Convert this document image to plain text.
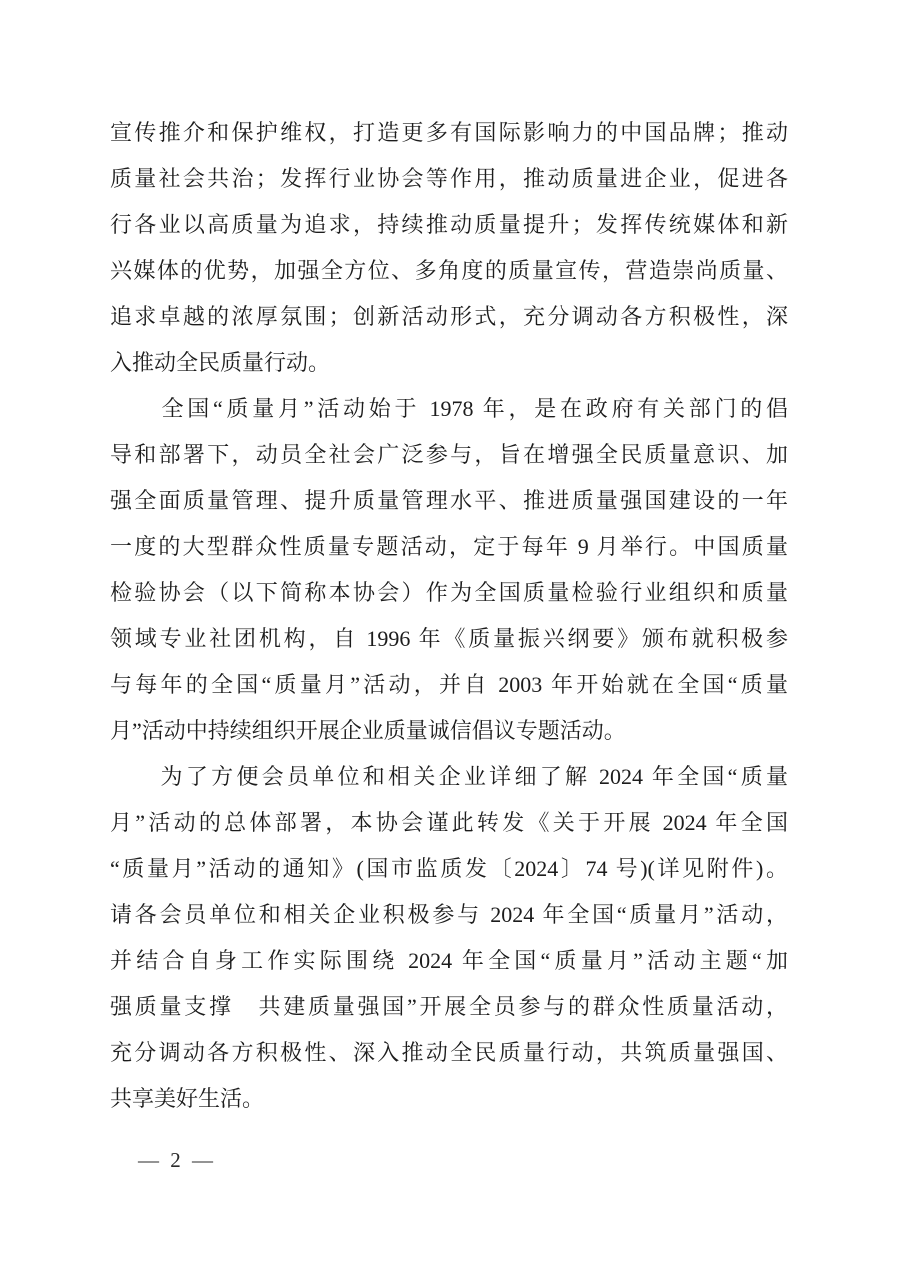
宣传推介和保护维权，打造更多有国际影响力的中国品牌；推动
质量社会共治；发挥行业协会等作用，推动质量进企业，促进各
行各业以高质量为追求，持续推动质量提升；发挥传统媒体和新
兴媒体的优势，加强全方位、多角度的质量宣传，营造崇尚质量、
追求卓越的浓厚氛围；创新活动形式，充分调动各方积极性，深
入推动全民质量行动。
　　全国“质量月”活动始于 1978 年，是在政府有关部门的倡
导和部署下，动员全社会广泛参与，旨在增强全民质量意识、加
强全面质量管理、提升质量管理水平、推进质量强国建设的一年
一度的大型群众性质量专题活动，定于每年 9 月举行。中国质量
检验协会（以下简称本协会）作为全国质量检验行业组织和质量
领域专业社团机构，自 1996 年《质量振兴纲要》颁布就积极参
与每年的全国“质量月”活动，并自 2003 年开始就在全国“质量
月”活动中持续组织开展企业质量诚信倡议专题活动。
　　为了方便会员单位和相关企业详细了解 2024 年全国“质量
月”活动的总体部署，本协会谨此转发《关于开展 2024 年全国
“质量月”活动的通知》(国市监质发〔2024〕74 号)(详见附件)。
请各会员单位和相关企业积极参与 2024 年全国“质量月”活动，
并结合自身工作实际围绕 2024 年全国“质量月”活动主题“加
强质量支撑　共建质量强国”开展全员参与的群众性质量活动，
充分调动各方积极性、深入推动全民质量行动，共筑质量强国、
共享美好生活。
— 2 —
